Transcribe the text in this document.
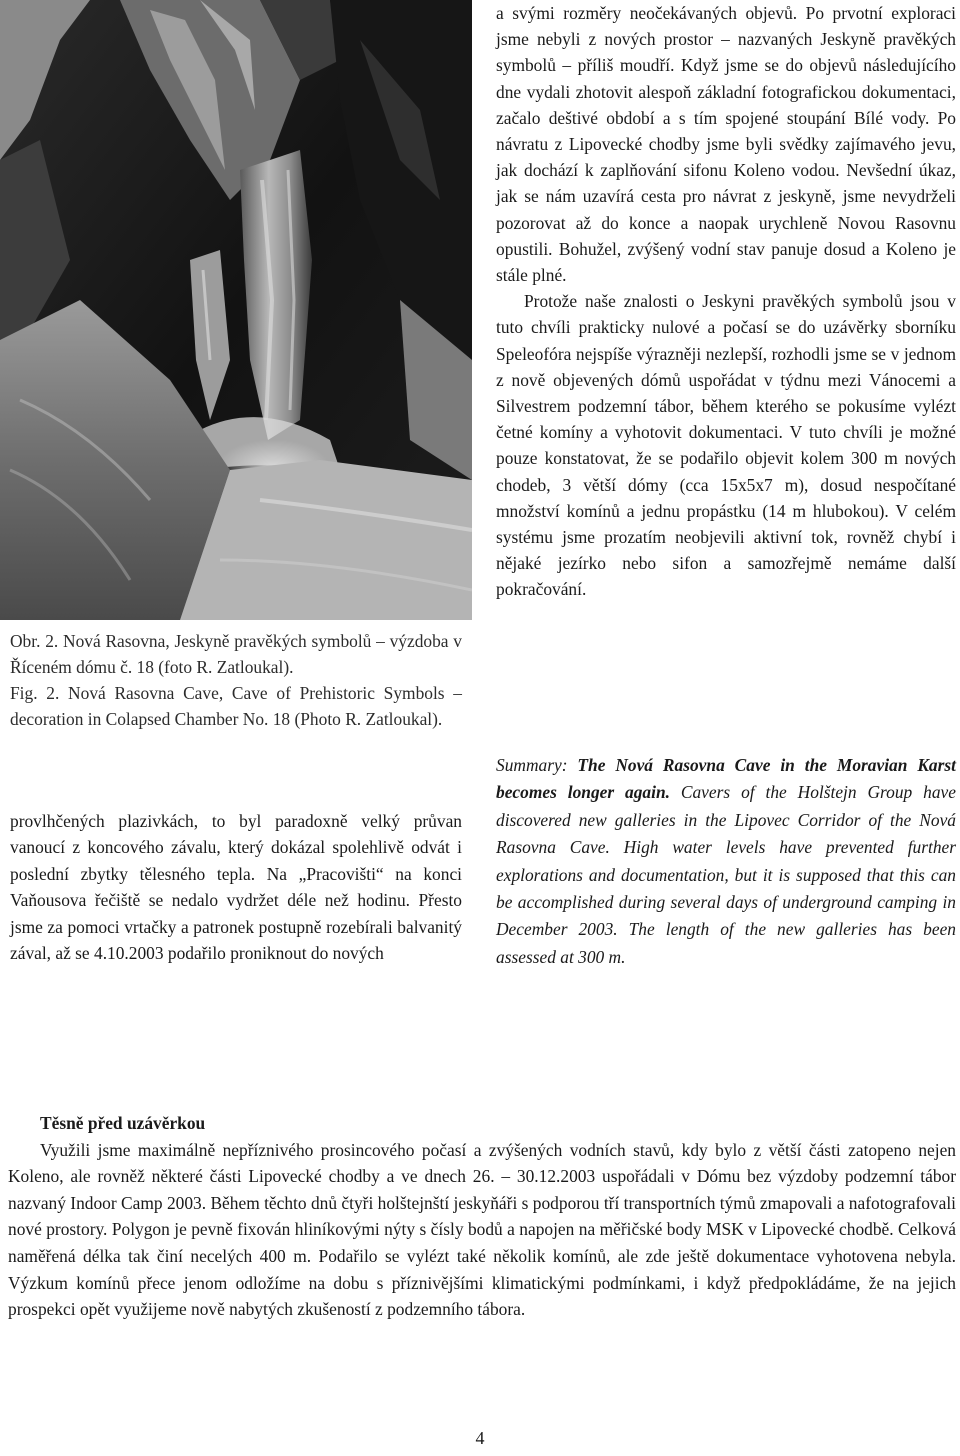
Obr. 2. Nová Rasovna, Jeskyně pravěkých symbolů – výzdoba v Říceném dómu č. 18 (foto R. Zatloukal).

Fig. 2. Nová Rasovna Cave, Cave of Prehistoric Symbols – decoration in Colapsed Chamber No. 18 (Photo R. Zatloukal).

provlhčených plazivkách, to byl paradoxně velký průvan vanoucí z koncového závalu, který dokázal spolehlivě odvát i poslední zbytky tělesného tepla. Na „Pracovišti“ na konci Vaňousova řečiště se nedalo vydržet déle než hodinu. Přesto jsme za pomoci vrtačky a patronek postupně rozebírali balvanitý zával, až se 4.10.2003 podařilo proniknout do nových

a svými rozměry neočekávaných objevů. Po prvotní exploraci jsme nebyli z nových prostor – nazvaných Jeskyně pravěkých symbolů – příliš moudří. Když jsme se do objevů následujícího dne vydali zhotovit alespoň základní fotografickou dokumentaci, začalo deštivé období a s tím spojené stoupání Bílé vody. Po návratu z Lipovecké chodby jsme byli svědky zajímavého jevu, jak dochází k zaplňování sifonu Koleno vodou. Nevšední úkaz, jak se nám uzavírá cesta pro návrat z jeskyně, jsme nevydrželi pozorovat až do konce a naopak urychleně Novou Rasovnu opustili. Bohužel, zvýšený vodní stav panuje dosud a Koleno je stále plné.

Protože naše znalosti o Jeskyni pravěkých symbolů jsou v tuto chvíli prakticky nulové a počasí se do uzávěrky sborníku Speleofóra nejspíše výrazněji nezlepší, rozhodli jsme se v jednom z nově objevených dómů uspořádat v týdnu mezi Vánocemi a Silvestrem podzemní tábor, během kterého se pokusíme vylézt četné komíny a vyhotovit dokumentaci. V tuto chvíli je možné pouze konstatovat, že se podařilo objevit kolem 300 m nových chodeb, 3 větší dómy (cca 15x5x7 m), dosud nespočítané množství komínů a jednu propástku (14 m hlubokou). V celém systému jsme prozatím neobjevili aktivní tok, rovněž chybí i nějaké jezírko nebo sifon a samozřejmě nemáme další pokračování.

Summary: The Nová Rasovna Cave in the Moravian Karst becomes longer again. Cavers of the Holštejn Group have discovered new galleries in the Lipovec Corridor of the Nová Rasovna Cave. High water levels have prevented further explorations and documentation, but it is supposed that this can be accomplished during several days of underground camping in December 2003. The length of the new galleries has been assessed at 300 m.

Těsně před uzávěrkou

Využili jsme maximálně nepříznivého prosincového počasí a zvýšených vodních stavů, kdy bylo z větší části zatopeno nejen Koleno, ale rovněž některé části Lipovecké chodby a ve dnech 26. – 30.12.2003 uspořádali v Dómu bez výzdoby podzemní tábor nazvaný Indoor Camp 2003. Během těchto dnů čtyři holštejnští jeskyňáři s podporou tří transportních týmů zmapovali a nafotografovali nové prostory. Polygon je pevně fixován hliníkovými nýty s čísly bodů a napojen na měřičské body MSK v Lipovecké chodbě. Celková naměřená délka tak činí necelých 400 m. Podařilo se vylézt také několik komínů, ale zde ještě dokumentace vyhotovena nebyla. Výzkum komínů přece jenom odložíme na dobu s příznivějšími klimatickými podmínkami, i když předpokládáme, že na jejich prospekci opět využijeme nově nabytých zkušeností z podzemního tábora.

4
